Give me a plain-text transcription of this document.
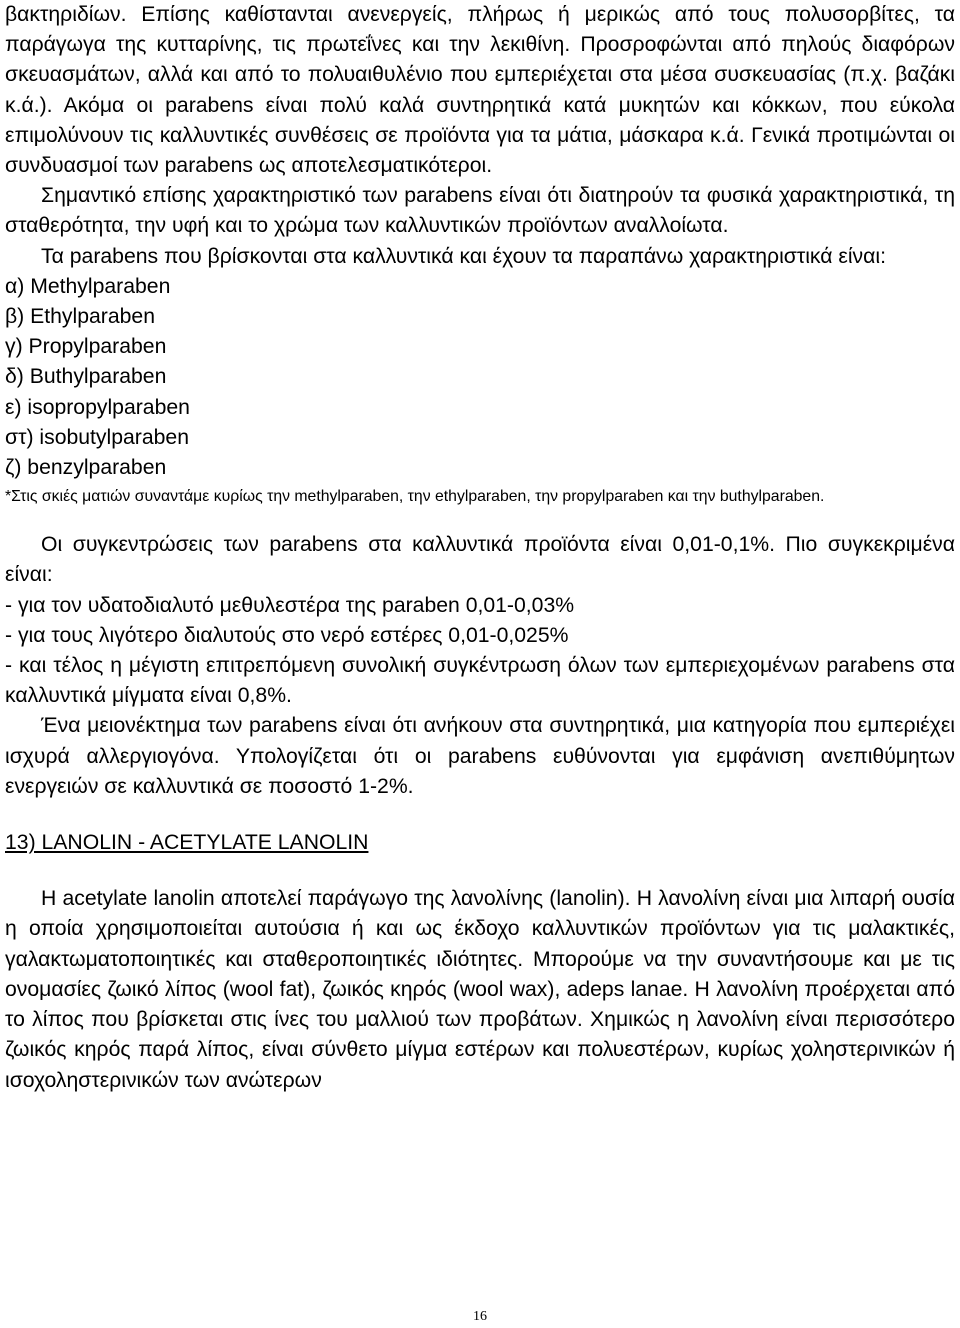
βακτηριδίων. Επίσης καθίστανται ανενεργείς, πλήρως ή μερικώς από τους πολυσορβίτες, τα παράγωγα της κυτταρίνης, τις πρωτεΐνες και την λεκιθίνη. Προσροφώνται από πηλούς διαφόρων σκευασμάτων, αλλά και από το πολυαιθυλένιο που εμπεριέχεται στα μέσα συσκευασίας (π.χ. βαζάκι κ.ά.). Ακόμα οι parabens είναι πολύ καλά συντηρητικά κατά μυκητών και κόκκων, που εύκολα επιμολύνουν τις καλλυντικές συνθέσεις σε προϊόντα για τα μάτια, μάσκαρα κ.ά. Γενικά προτιμώνται οι συνδυασμοί των parabens ως αποτελεσματικότεροι.

Σημαντικό επίσης χαρακτηριστικό των parabens είναι ότι διατηρούν τα φυσικά χαρακτηριστικά, τη σταθερότητα, την υφή και το χρώμα των καλλυντικών προϊόντων αναλλοίωτα.

Τα parabens που βρίσκονται στα καλλυντικά και έχουν τα παραπάνω χαρακτηριστικά είναι:

α) Methylparaben

β) Ethylparaben

γ) Propylparaben

δ) Buthylparaben

ε) isopropylparaben

στ) isobutylparaben

ζ) benzylparaben

*Στις σκιές ματιών συναντάμε κυρίως την methylparaben, την ethylparaben, την propylparaben και την buthylparaben.

Οι συγκεντρώσεις των parabens στα καλλυντικά προϊόντα είναι 0,01-0,1%. Πιο συγκεκριμένα είναι:

- για τον υδατοδιαλυτό μεθυλεστέρα της paraben 0,01-0,03%

- για τους λιγότερο διαλυτούς στο νερό εστέρες 0,01-0,025%

- και τέλος η μέγιστη επιτρεπόμενη συνολική συγκέντρωση όλων των εμπεριεχομένων parabens στα καλλυντικά μίγματα είναι 0,8%.

Ένα μειονέκτημα των parabens είναι ότι ανήκουν στα συντηρητικά, μια κατηγορία που εμπεριέχει ισχυρά αλλεργιογόνα. Υπολογίζεται ότι οι parabens ευθύνονται για εμφάνιση ανεπιθύμητων ενεργειών σε καλλυντικά σε ποσοστό 1-2%.

13) LANOLIN - ACETYLATE LANOLIN

Η acetylate lanolin αποτελεί παράγωγο της λανολίνης (lanolin). Η λανολίνη είναι μια λιπαρή ουσία η οποία χρησιμοποιείται αυτούσια ή και ως έκδοχο καλλυντικών προϊόντων για τις μαλακτικές, γαλακτωματοποιητικές και σταθεροποιητικές ιδιότητες. Μπορούμε να την συναντήσουμε και με τις ονομασίες ζωικό λίπος (wool fat), ζωικός κηρός (wool wax), adeps lanae. Η λανολίνη προέρχεται από το λίπος που βρίσκεται στις ίνες του μαλλιού των προβάτων. Χημικώς η λανολίνη είναι περισσότερο ζωικός κηρός παρά λίπος, είναι σύνθετο μίγμα εστέρων και πολυεστέρων, κυρίως χοληστερινικών ή ισοχοληστερινικών των ανώτερων

16
